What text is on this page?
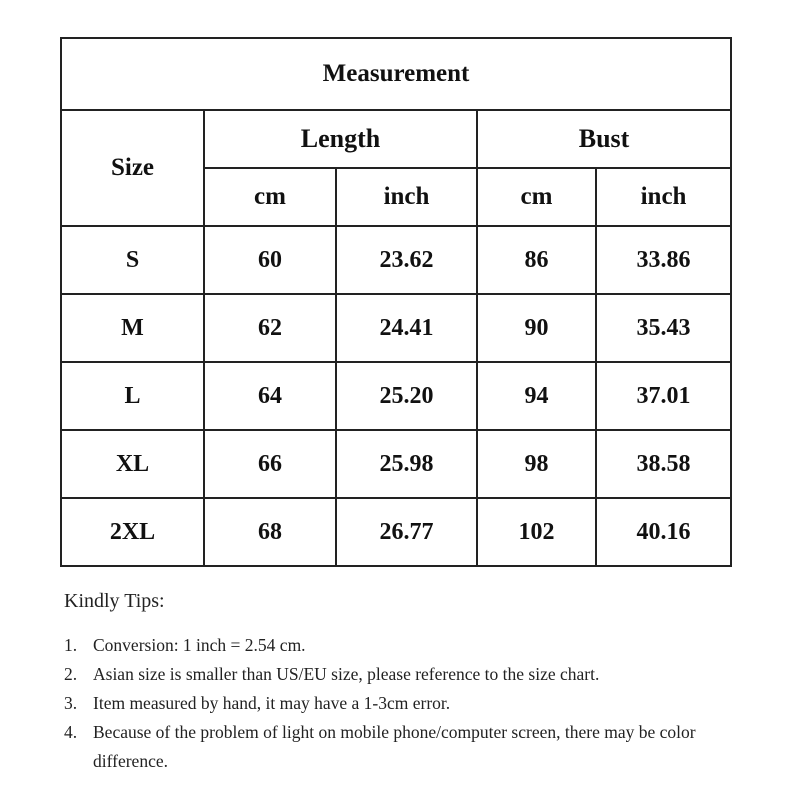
Measurement				
Size	Length		Bust	
	cm	inch	cm	inch
S	60	23.62	86	33.86
M	62	24.41	90	35.43
L	64	25.20	94	37.01
XL	66	25.98	98	38.58
2XL	68	26.77	102	40.16
Kindly Tips:
1. Conversion: 1 inch = 2.54 cm.
2. Asian size is smaller than US/EU size, please reference to the size chart.
3. Item measured by hand, it may have a 1-3cm error.
4. Because of the problem of light on mobile phone/computer screen, there may be color difference.
